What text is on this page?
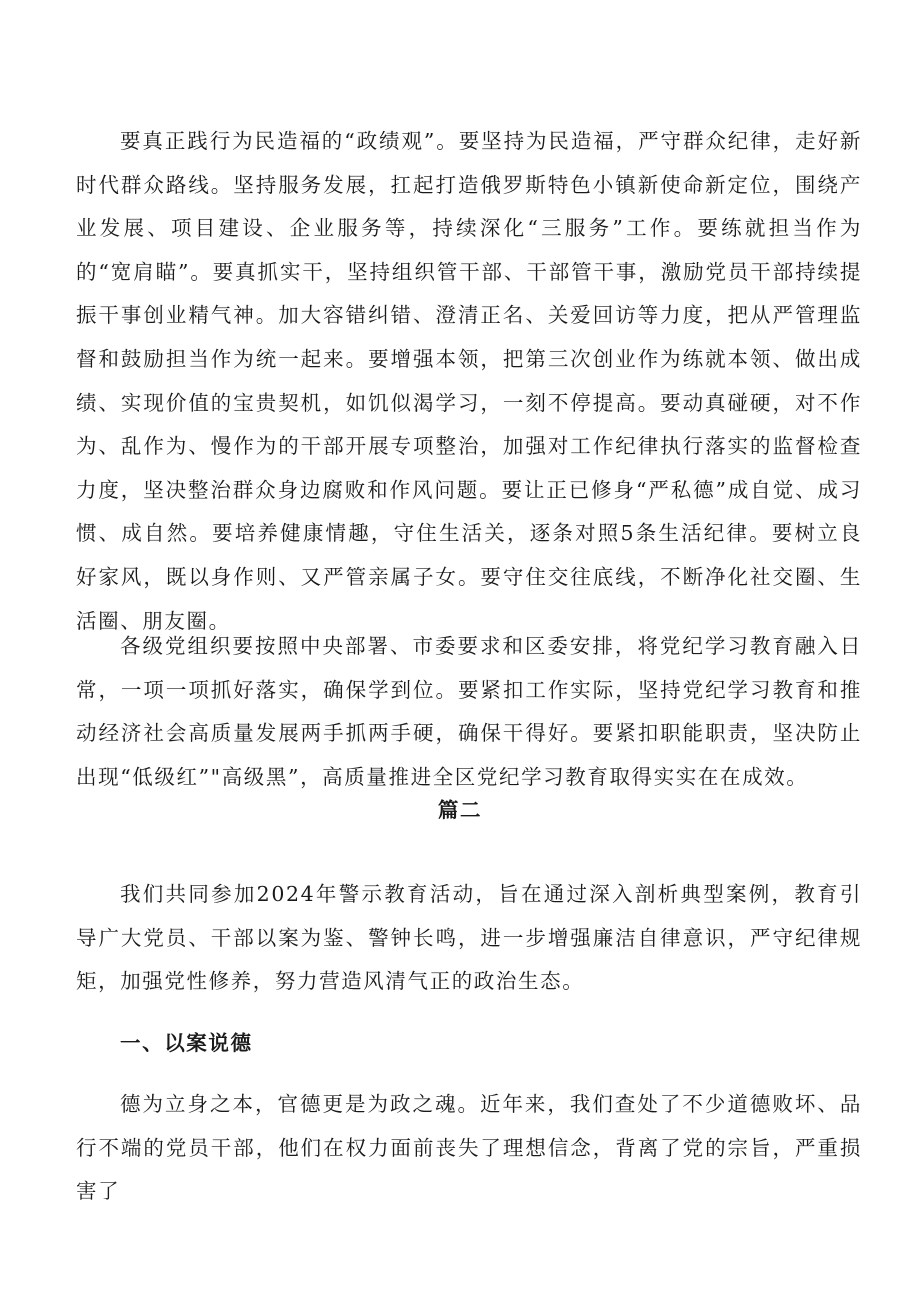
要真正践行为民造福的“政绩观”。要坚持为民造福，严守群众纪律，走好新时代群众路线。坚持服务发展，扛起打造俄罗斯特色小镇新使命新定位，围绕产业发展、项目建设、企业服务等，持续深化“三服务”工作。要练就担当作为的“宽肩瞄”。要真抓实干，坚持组织管干部、干部管干事，激励党员干部持续提振干事创业精气神。加大容错纠错、澄清正名、关爱回访等力度，把从严管理监督和鼓励担当作为统一起来。要增强本领，把第三次创业作为练就本领、做出成绩、实现价值的宝贵契机，如饥似渴学习，一刻不停提高。要动真碰硬，对不作为、乱作为、慢作为的干部开展专项整治，加强对工作纪律执行落实的监督检查力度，坚决整治群众身边腐败和作风问题。要让正已修身“严私德”成自觉、成习惯、成自然。要培养健康情趣，守住生活关，逐条对照5条生活纪律。要树立良好家风，既以身作则、又严管亲属子女。要守住交往底线，不断净化社交圈、生活圈、朋友圈。

各级党组织要按照中央部署、市委要求和区委安排，将党纪学习教育融入日常，一项一项抓好落实，确保学到位。要紧扣工作实际，坚持党纪学习教育和推动经济社会高质量发展两手抓两手硬，确保干得好。要紧扣职能职责，坚决防止出现“低级红”"高级黑”，高质量推进全区党纪学习教育取得实实在在成效。

篇二

我们共同参加2024年警示教育活动，旨在通过深入剖析典型案例，教育引导广大党员、干部以案为鉴、警钟长鸣，进一步增强廉洁自律意识，严守纪律规矩，加强党性修养，努力营造风清气正的政治生态。

一、以案说德

德为立身之本，官德更是为政之魂。近年来，我们查处了不少道德败坏、品行不端的党员干部，他们在权力面前丧失了理想信念，背离了党的宗旨，严重损害了
